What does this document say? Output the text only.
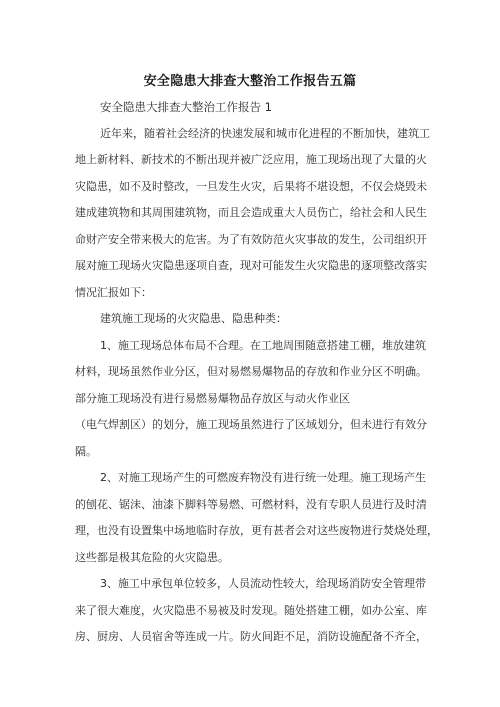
安全隐患大排查大整治工作报告五篇
安全隐患大排查大整治工作报告 1
近年来，随着社会经济的快速发展和城市化进程的不断加快，建筑工
地上新材料、新技术的不断出现并被广泛应用，施工现场出现了大量的火
灾隐患，如不及时整改，一旦发生火灾，后果将不堪设想，不仅会烧毁未
建成建筑物和其周围建筑物，而且会造成重大人员伤亡，给社会和人民生
命财产安全带来极大的危害。为了有效防范火灾事故的发生，公司组织开
展对施工现场火灾隐患逐项自查，现对可能发生火灾隐患的逐项整改落实
情况汇报如下：
建筑施工现场的火灾隐患、隐患种类：
1、施工现场总体布局不合理。在工地周围随意搭建工棚，堆放建筑
材料，现场虽然作业分区，但对易燃易爆物品的存放和作业分区不明确。
部分施工现场没有进行易燃易爆物品存放区与动火作业区
（电气焊割区）的划分，施工现场虽然进行了区域划分，但未进行有效分
隔。
2、对施工现场产生的可燃废弃物没有进行统一处理。施工现场产生
的刨花、锯沫、油漆下脚料等易燃、可燃材料，没有专职人员进行及时清
理，也没有设置集中场地临时存放，更有甚者会对这些废物进行焚烧处理，
这些都是极其危险的火灾隐患。
3、施工中承包单位较多，人员流动性较大，给现场消防安全管理带
来了很大难度，火灾隐患不易被及时发现。随处搭建工棚，如办公室、库
房、厨房、人员宿舍等连成一片。防火间距不足，消防设施配备不齐全，
